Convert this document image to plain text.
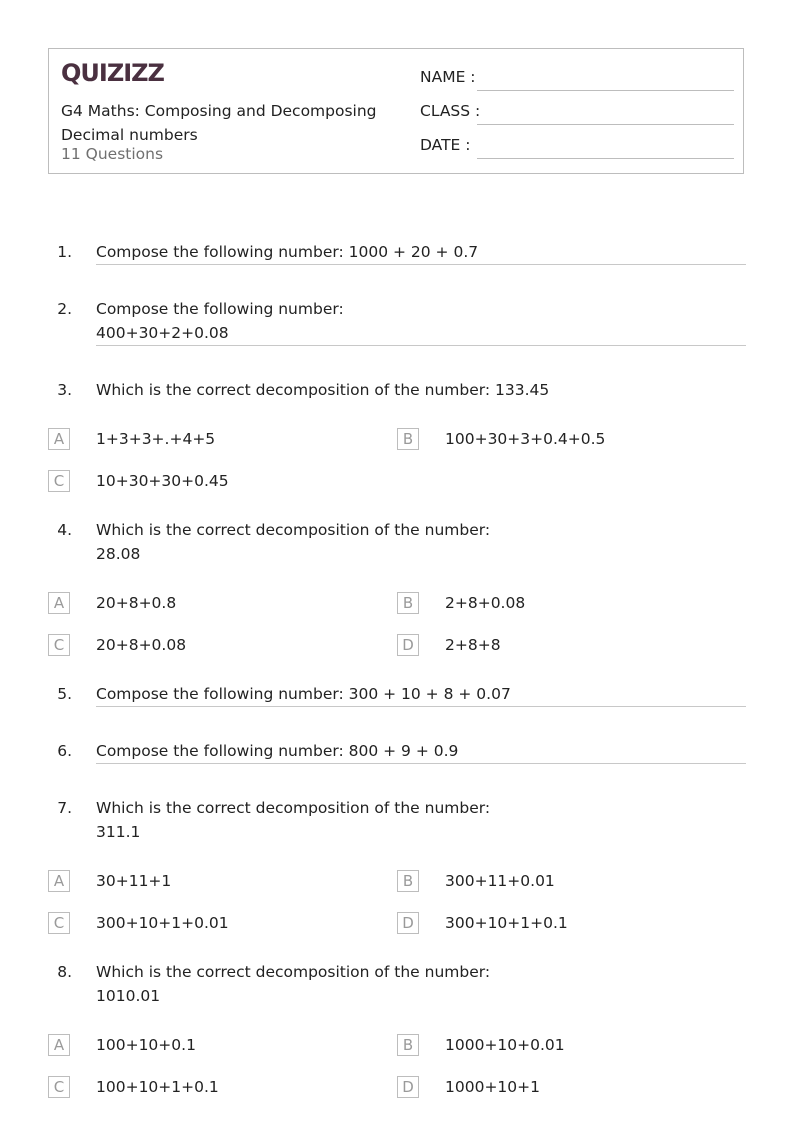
QUIZIZZ
G4 Maths: Composing and Decomposing Decimal numbers
11 Questions
NAME :
CLASS :
DATE :
1. Compose the following number: 1000 + 20 + 0.7
2. Compose the following number:
400+30+2+0.08
3. Which is the correct decomposition of the number: 133.45
A	1+3+3+.+4+5	B	100+30+3+0.4+0.5
C	10+30+30+0.45
4. Which is the correct decomposition of the number:
28.08
A	20+8+0.8	B	2+8+0.08
C	20+8+0.08	D	2+8+8
5. Compose the following number: 300 + 10 + 8 + 0.07
6. Compose the following number: 800 + 9 + 0.9
7. Which is the correct decomposition of the number:
311.1
A	30+11+1	B	300+11+0.01
C	300+10+1+0.01	D	300+10+1+0.1
8. Which is the correct decomposition of the number:
1010.01
A	100+10+0.1	B	1000+10+0.01
C	100+10+1+0.1	D	1000+10+1
